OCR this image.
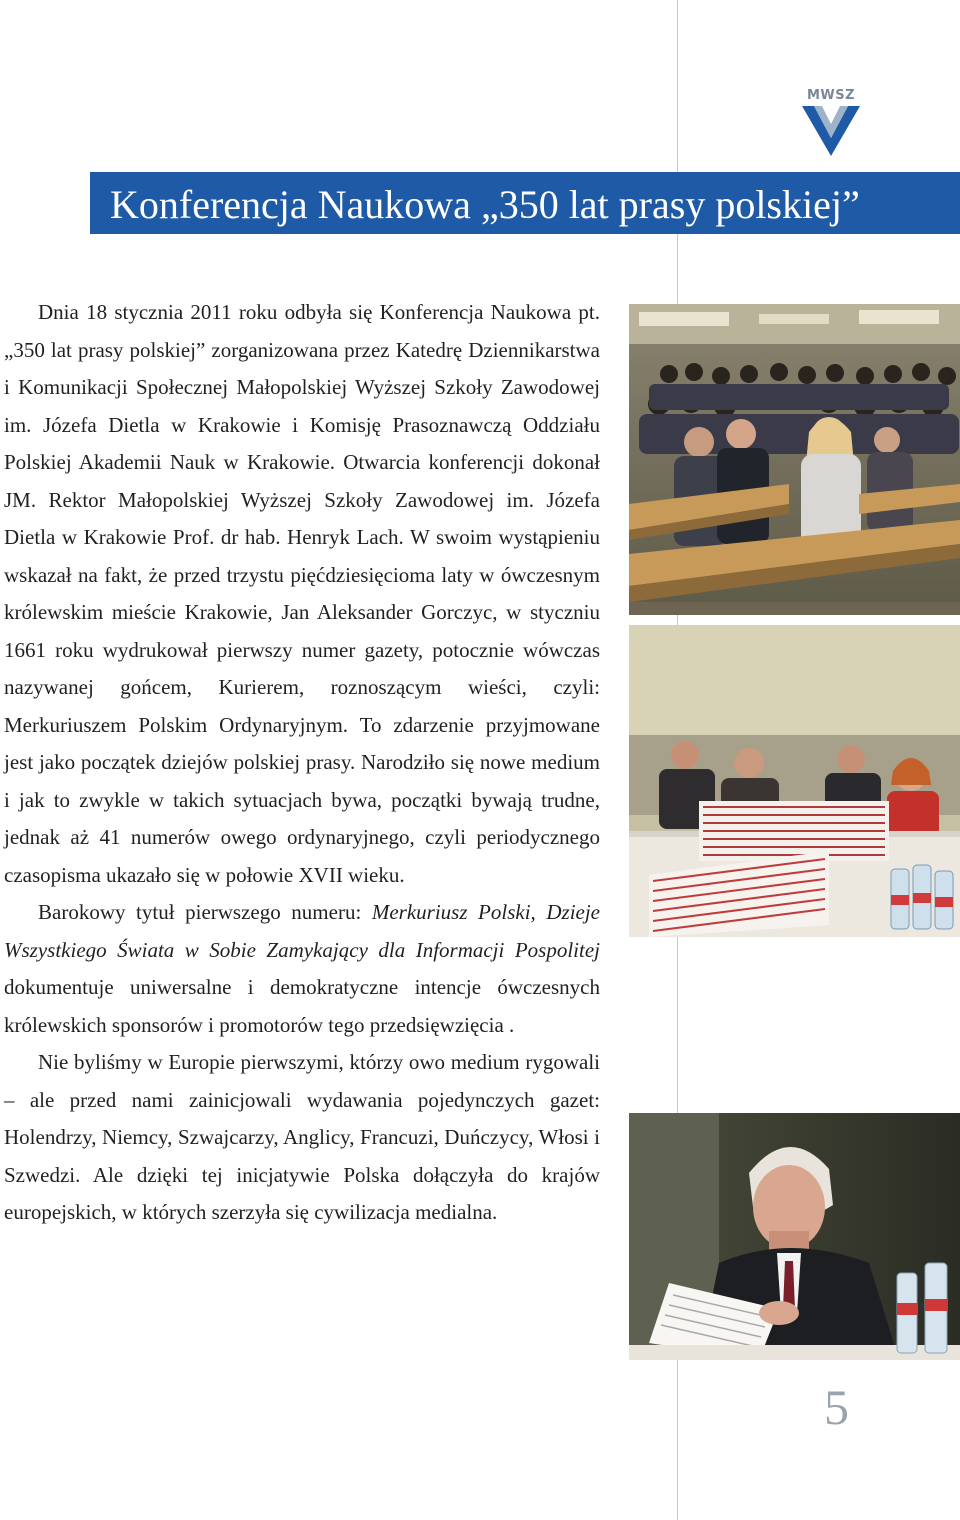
MWSZ
Konferencja Naukowa „350 lat prasy polskiej”

Dnia 18 stycznia 2011 roku odbyła się Konferencja Naukowa pt. „350 lat prasy polskiej” zorganizowana przez Katedrę Dziennikarstwa i Komunikacji Społecznej Małopolskiej Wyższej Szkoły Zawodowej im. Józefa Dietla w Krakowie i Komisję Prasoznawczą Oddziału Polskiej Akademii Nauk w Krakowie. Otwarcia konferencji dokonał JM. Rektor Małopolskiej Wyższej Szkoły Zawodowej im. Józefa Dietla w Krakowie Prof. dr hab. Henryk Lach. W swoim wystąpieniu wskazał na fakt, że przed trzystu pięćdziesięcioma laty w ówczesnym królewskim mieście Krakowie, Jan Aleksander Gorczyc, w styczniu 1661 roku wydrukował pierwszy numer gazety, potocznie wówczas nazywanej gońcem, Kurierem, roznoszącym wieści, czyli: Merkuriuszem Polskim Ordynaryjnym. To zdarzenie przyjmowane jest jako początek dziejów polskiej prasy. Narodziło się nowe medium i jak to zwykle w takich sytuacjach bywa, początki bywają trudne, jednak aż 41 numerów owego ordynaryjnego, czyli periodycznego czasopisma ukazało się w połowie XVII wieku.

Barokowy tytuł pierwszego numeru: Merkuriusz Polski, Dzieje Wszystkiego Świata w Sobie Zamykający dla Informacji Pospolitej dokumentuje uniwersalne i demokratyczne intencje ówczesnych królewskich sponsorów i promotorów tego przedsięwzięcia .

Nie byliśmy w Europie pierwszymi, którzy owo medium rygowali – ale przed nami zainicjowali wydawania pojedynczych gazet: Holendrzy, Niemcy, Szwajcarzy, Anglicy, Francuzi, Duńczycy, Włosi i Szwedzi. Ale dzięki tej inicjatywie Polska dołączyła do krajów europejskich, w których szerzyła się cywilizacja medialna.

5
